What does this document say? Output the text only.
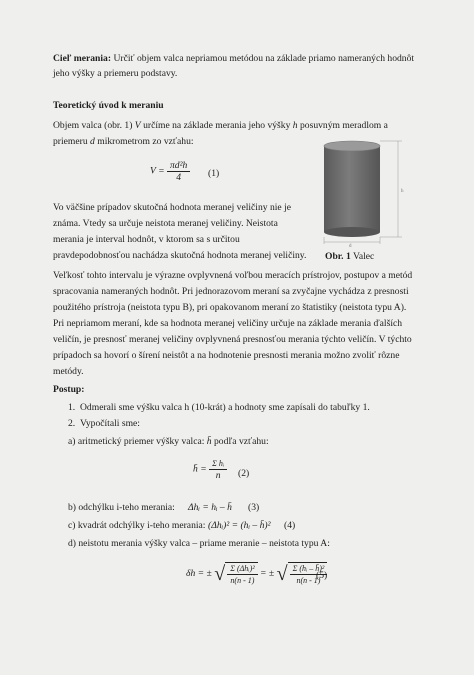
Cieľ merania: Určiť objem valca nepriamou metódou na základe priamo nameraných hodnôt
jeho výšky a priemeru podstavy.
Teoretický úvod k meraniu
Objem valca (obr. 1) V určíme na základe merania jeho výšky h posuvným meradlom a
priemeru d mikrometrom zo vzťahu:
$V = \frac{\text{πd²h}}{4} (1)$
Vo väčšine prípadov skutočná hodnota meranej veličiny nie je
známa. Vtedy sa určuje neistota meranej veličiny. Neistota
merania je interval hodnôt, v ktorom sa s určitou
pravdepodobnosťou nachádza skutočná hodnota meranej veličiny.
h
d
Obr. 1 Valec
Veľkosť tohto intervalu je výrazne ovplyvnená voľbou meracích prístrojov, postupov a metód
spracovania nameraných hodnôt. Pri jednorazovom meraní sa zvyčajne vychádza z presnosti
použitého prístroja (neistota typu B), pri opakovanom meraní zo štatistiky (neistota typu A).
Pri nepriamom meraní, kde sa hodnota meranej veličiny určuje na základe merania ďalších
veličín, je presnosť meranej veličiny ovplyvnená presnosťou merania týchto veličín. V týchto
prípadoch sa hovorí o šírení neistôt a na hodnotenie presnosti merania možno zvoliť rôzne
metódy.
Postup:
1. Odmerali sme výšku valca h (10-krát) a hodnoty sme zapísali do tabuľky 1.
2. Vypočítali sme:
a) aritmetický priemer výšky valca: h̄ podľa vzťahu:
h̄ = $\frac{\text{Σ hᵢ}}{n} (2)$
b) odchýlku i-teho merania: Δhᵢ = hᵢ – h̄ (3)
c) kvadrát odchýlky i-teho merania: (Δhᵢ)² = (hᵢ – h̄)² (4)
d) neistotu merania výšky valca – priame meranie – neistota typu A:
δh = ± √ $\frac{\text{Σ (Δhᵢ)²}}{n(n - 1)}$ = ± √ $\frac{\text{Σ (hᵢ – h̄)²}}{n(n - 1)}$
(5)
